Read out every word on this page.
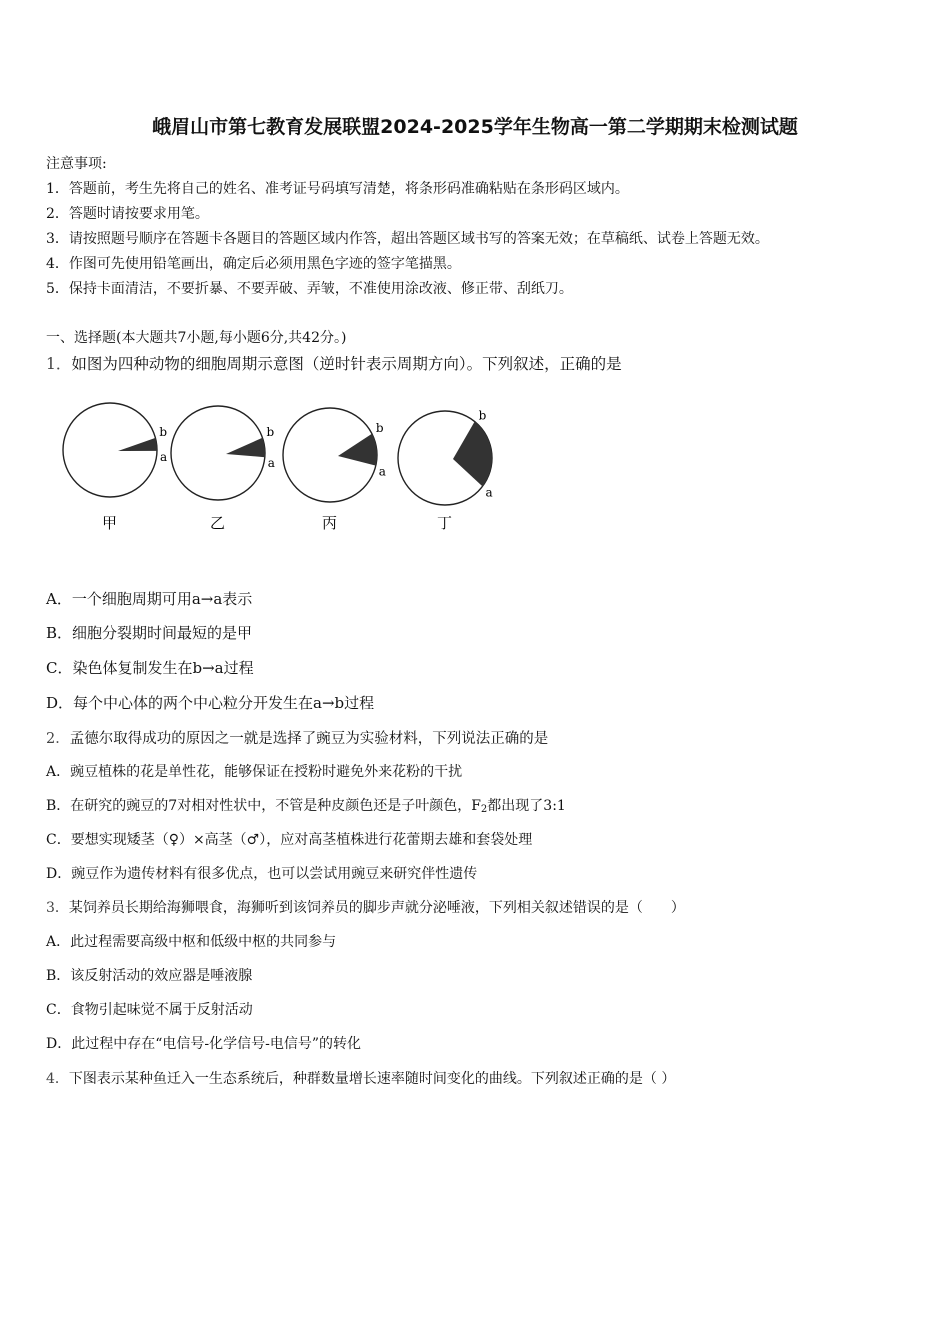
峨眉山市第七教育发展联盟2024-2025学年生物高一第二学期期末检测试题
注意事项:
1．答题前，考生先将自己的姓名、准考证号码填写清楚，将条形码准确粘贴在条形码区域内。
2．答题时请按要求用笔。
3．请按照题号顺序在答题卡各题目的答题区域内作答，超出答题区域书写的答案无效；在草稿纸、试卷上答题无效。
4．作图可先使用铅笔画出，确定后必须用黑色字迹的签字笔描黑。
5．保持卡面清洁，不要折暴、不要弄破、弄皱，不准使用涂改液、修正带、刮纸刀。
一、选择题(本大题共7小题,每小题6分,共42分。)
1．如图为四种动物的细胞周期示意图（逆时针表示周期方向）。下列叙述，正确的是
b
a
甲
b
a
乙
b
a
丙
b
a
丁
A．一个细胞周期可用a→a表示
B．细胞分裂期时间最短的是甲
C．染色体复制发生在b→a过程
D．每个中心体的两个中心粒分开发生在a→b过程
2．孟德尔取得成功的原因之一就是选择了豌豆为实验材料，下列说法正确的是
A．豌豆植株的花是单性花，能够保证在授粉时避免外来花粉的干扰
B．在研究的豌豆的7对相对性状中，不管是种皮颜色还是子叶颜色，$F_2$都出现了3:1
C．要想实现矮茎（♀）×高茎（♂），应对高茎植株进行花蕾期去雄和套袋处理
D．豌豆作为遗传材料有很多优点，也可以尝试用豌豆来研究伴性遗传
3．某饲养员长期给海狮喂食，海狮听到该饲养员的脚步声就分泌唾液，下列相关叙述错误的是（　　）
A．此过程需要高级中枢和低级中枢的共同参与
B．该反射活动的效应器是唾液腺
C．食物引起味觉不属于反射活动
D．此过程中存在“电信号-化学信号-电信号”的转化
4．下图表示某种鱼迁入一生态系统后，种群数量增长速率随时间变化的曲线。下列叙述正确的是（ ）
